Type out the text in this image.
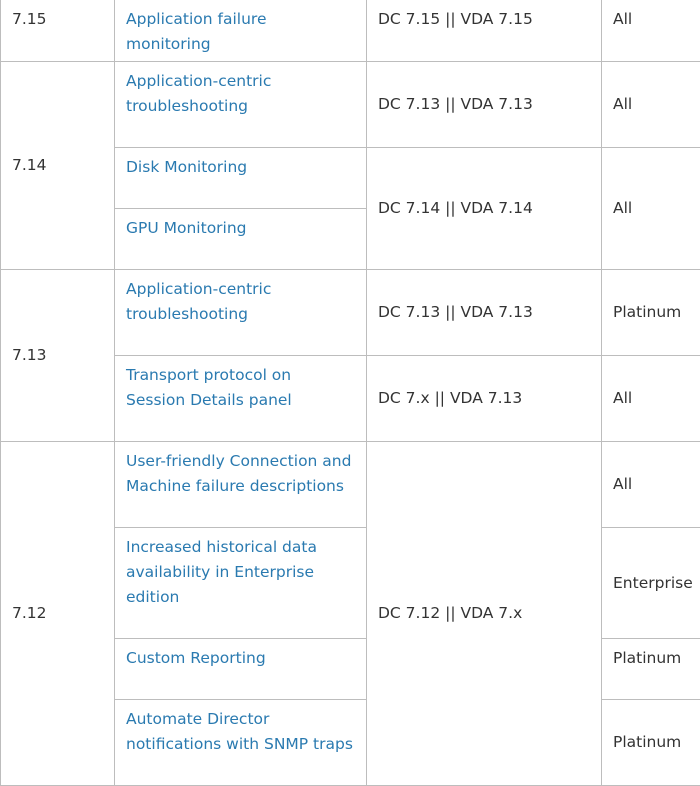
7.15	Application failure monitoring	DC 7.15 || VDA 7.15	All
7.14	Application-centric troubleshooting	DC 7.13 || VDA 7.13	All

	Disk Monitoring	DC 7.14 || VDA 7.14	All

	GPU Monitoring		

7.13	Application-centric troubleshooting	DC 7.13 || VDA 7.13	Platinum

	Transport protocol on Session Details panel	DC 7.x || VDA 7.13	All
7.12	User-friendly Connection and Machine failure descriptions	DC 7.12 || VDA 7.x	All

	Increased historical data availability in Enterprise edition		Enterprise

	Custom Reporting		Platinum

	Automate Director notifications with SNMP traps		Platinum
